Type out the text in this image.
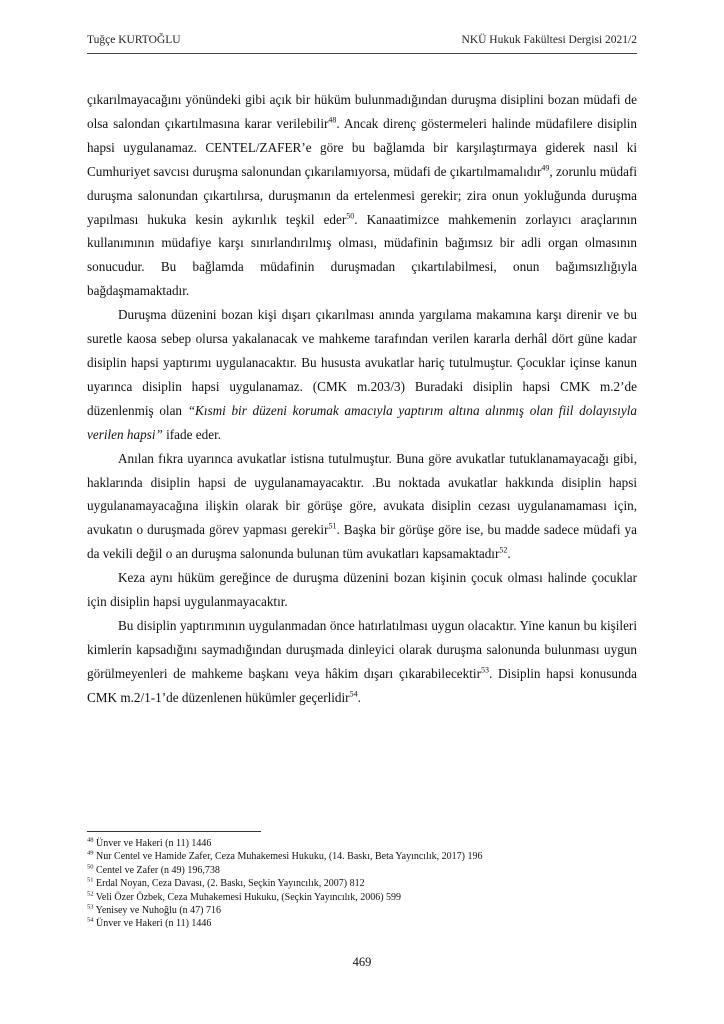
Tuğçe KURTOĞLU	NKÜ Hukuk Fakültesi Dergisi 2021/2

çıkarılmayacağını yönündeki gibi açık bir hüküm bulunmadığından duruşma disiplini bozan müdafi de olsa salondan çıkartılmasına karar verilebilir$^{48}$. Ancak direnç göstermeleri halinde müdafilere disiplin hapsi uygulanamaz. CENTEL/ZAFER’e göre bu bağlamda bir karşılaştırmaya giderek nasıl ki Cumhuriyet savcısı duruşma salonundan çıkarılamıyorsa, müdafi de çıkartılmamalıdır$^{49}$, zorunlu müdafi duruşma salonundan çıkartılırsa, duruşmanın da ertelenmesi gerekir; zira onun yokluğunda duruşma yapılması hukuka kesin aykırılık teşkil eder$^{50}$. Kanaatimizce mahkemenin zorlayıcı araçlarının kullanımının müdafiye karşı sınırlandırılmış olması, müdafinin bağımsız bir adli organ olmasının sonucudur. Bu bağlamda müdafinin duruşmadan çıkartılabilmesi, onun bağımsızlığıyla bağdaşmamaktadır.

Duruşma düzenini bozan kişi dışarı çıkarılması anında yargılama makamına karşı direnir ve bu suretle kaosa sebep olursa yakalanacak ve mahkeme tarafından verilen kararla derhâl dört güne kadar disiplin hapsi yaptırımı uygulanacaktır. Bu hususta avukatlar hariç tutulmuştur. Çocuklar içinse kanun uyarınca disiplin hapsi uygulanamaz. (CMK m.203/3) Buradaki disiplin hapsi CMK m.2’de düzenlenmiş olan “Kısmi bir düzeni korumak amacıyla yaptırım altına alınmış olan fiil dolayısıyla verilen hapsi” ifade eder.

Anılan fıkra uyarınca avukatlar istisna tutulmuştur. Buna göre avukatlar tutuklanamayacağı gibi, haklarında disiplin hapsi de uygulanamayacaktır. .Bu noktada avukatlar hakkında disiplin hapsi uygulanamayacağına ilişkin olarak bir görüşe göre, avukata disiplin cezası uygulanamaması için, avukatın o duruşmada görev yapması gerekir$^{51}$. Başka bir görüşe göre ise, bu madde sadece müdafi ya da vekili değil o an duruşma salonunda bulunan tüm avukatları kapsamaktadır$^{52}$.

Keza aynı hüküm gereğince de duruşma düzenini bozan kişinin çocuk olması halinde çocuklar için disiplin hapsi uygulanmayacaktır.

Bu disiplin yaptırımının uygulanmadan önce hatırlatılması uygun olacaktır. Yine kanun bu kişileri kimlerin kapsadığını saymadığından duruşmada dinleyici olarak duruşma salonunda bulunması uygun görülmeyenleri de mahkeme başkanı veya hâkim dışarı çıkarabilecektir$^{53}$. Disiplin hapsi konusunda CMK m.2/1-1’de düzenlenen hükümler geçerlidir$^{54}$.

$^{48}$ Ünver ve Hakeri (n 11) 1446
$^{49}$ Nur Centel ve Hamide Zafer, Ceza Muhakemesi Hukuku, (14. Baskı, Beta Yayıncılık, 2017) 196
$^{50}$ Centel ve Zafer (n 49) 196,738
$^{51}$ Erdal Noyan, Ceza Davası, (2. Baskı, Seçkin Yayıncılık, 2007) 812
$^{52}$ Veli Özer Özbek, Ceza Muhakemesi Hukuku, (Seçkin Yayıncılık, 2006) 599
$^{53}$ Yenisey ve Nuhoğlu (n 47) 716
$^{54}$ Ünver ve Hakeri (n 11) 1446
469
